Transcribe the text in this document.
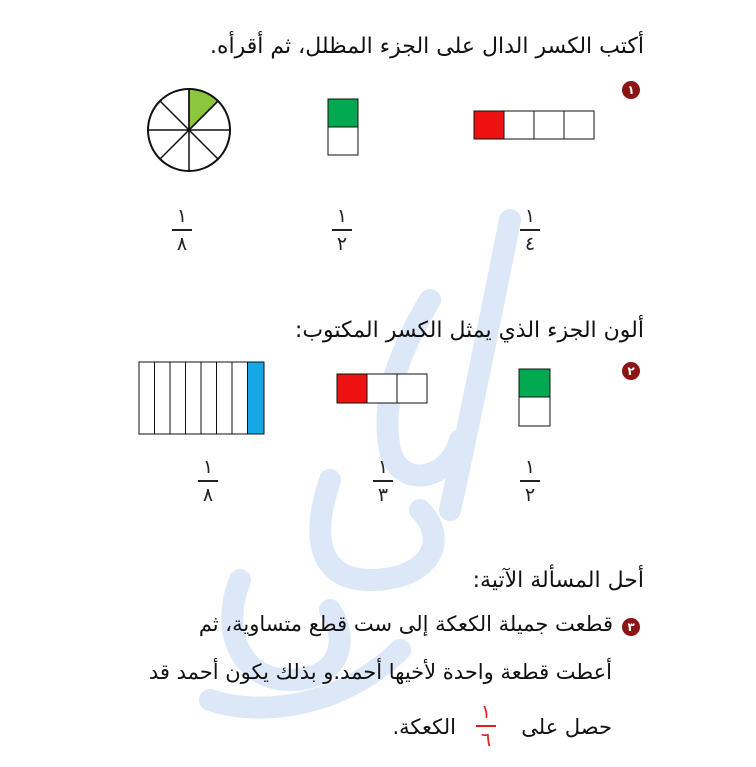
أكتب الكسر الدال على الجزء المظلل، ثم أقرأه.
١
١
٨
١
٢
١
٤
ألون الجزء الذي يمثل الكسر المكتوب:
٢
١
٨
١
٣
١
٢
أحل المسألة الآتية:
٣
قطعت جميلة الكعكة إلى ست قطع متساوية، ثم
أعطت قطعة واحدة لأخيها أحمد.و بذلك يكون أحمد قد
حصل على
١
٦
الكعكة.
